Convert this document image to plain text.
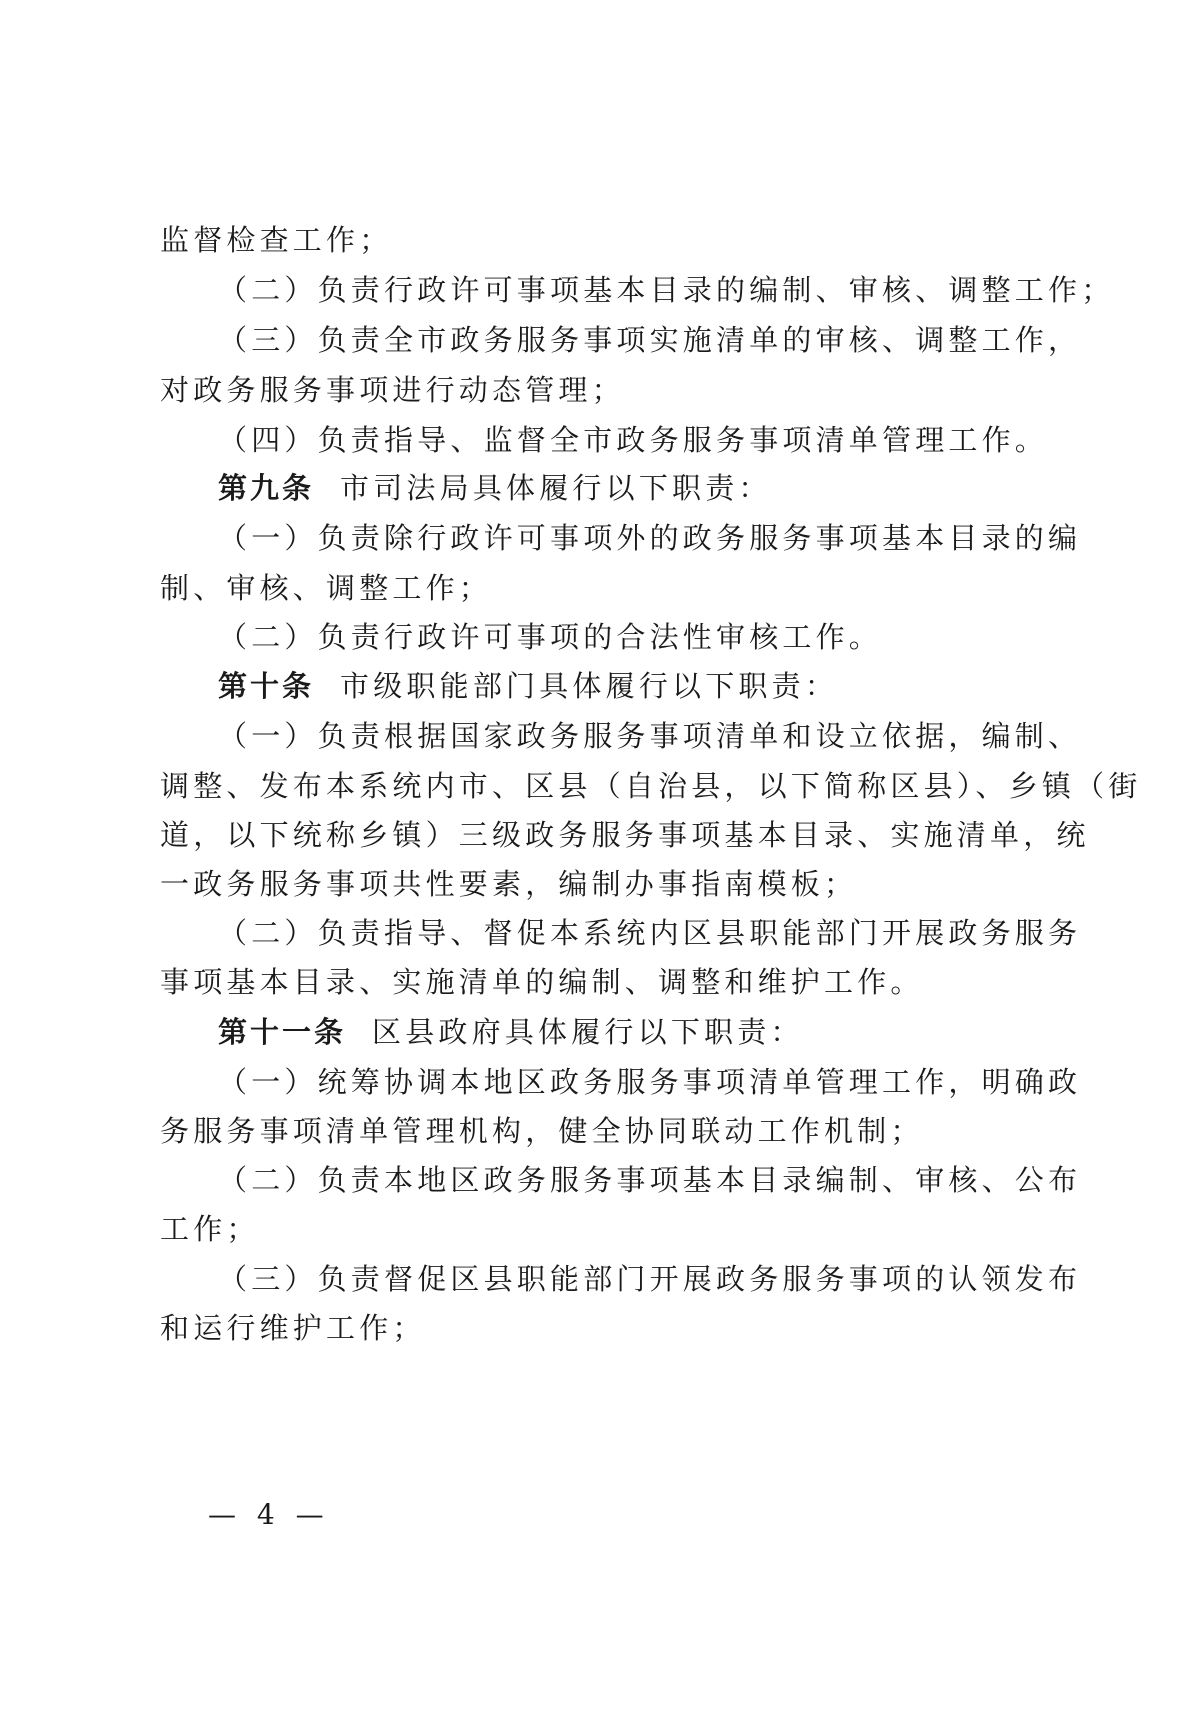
监督检查工作；
（二）负责行政许可事项基本目录的编制、审核、调整工作；
（三）负责全市政务服务事项实施清单的审核、调整工作，
对政务服务事项进行动态管理；
（四）负责指导、监督全市政务服务事项清单管理工作。
第九条 市司法局具体履行以下职责：
（一）负责除行政许可事项外的政务服务事项基本目录的编
制、审核、调整工作；
（二）负责行政许可事项的合法性审核工作。
第十条 市级职能部门具体履行以下职责：
（一）负责根据国家政务服务事项清单和设立依据，编制、
调整、发布本系统内市、区县（自治县，以下简称区县）、乡镇（街
道，以下统称乡镇）三级政务服务事项基本目录、实施清单，统
一政务服务事项共性要素，编制办事指南模板；
（二）负责指导、督促本系统内区县职能部门开展政务服务
事项基本目录、实施清单的编制、调整和维护工作。
第十一条 区县政府具体履行以下职责：
（一）统筹协调本地区政务服务事项清单管理工作，明确政
务服务事项清单管理机构，健全协同联动工作机制；
（二）负责本地区政务服务事项基本目录编制、审核、公布
工作；
（三）负责督促区县职能部门开展政务服务事项的认领发布
和运行维护工作；
— 4 —
